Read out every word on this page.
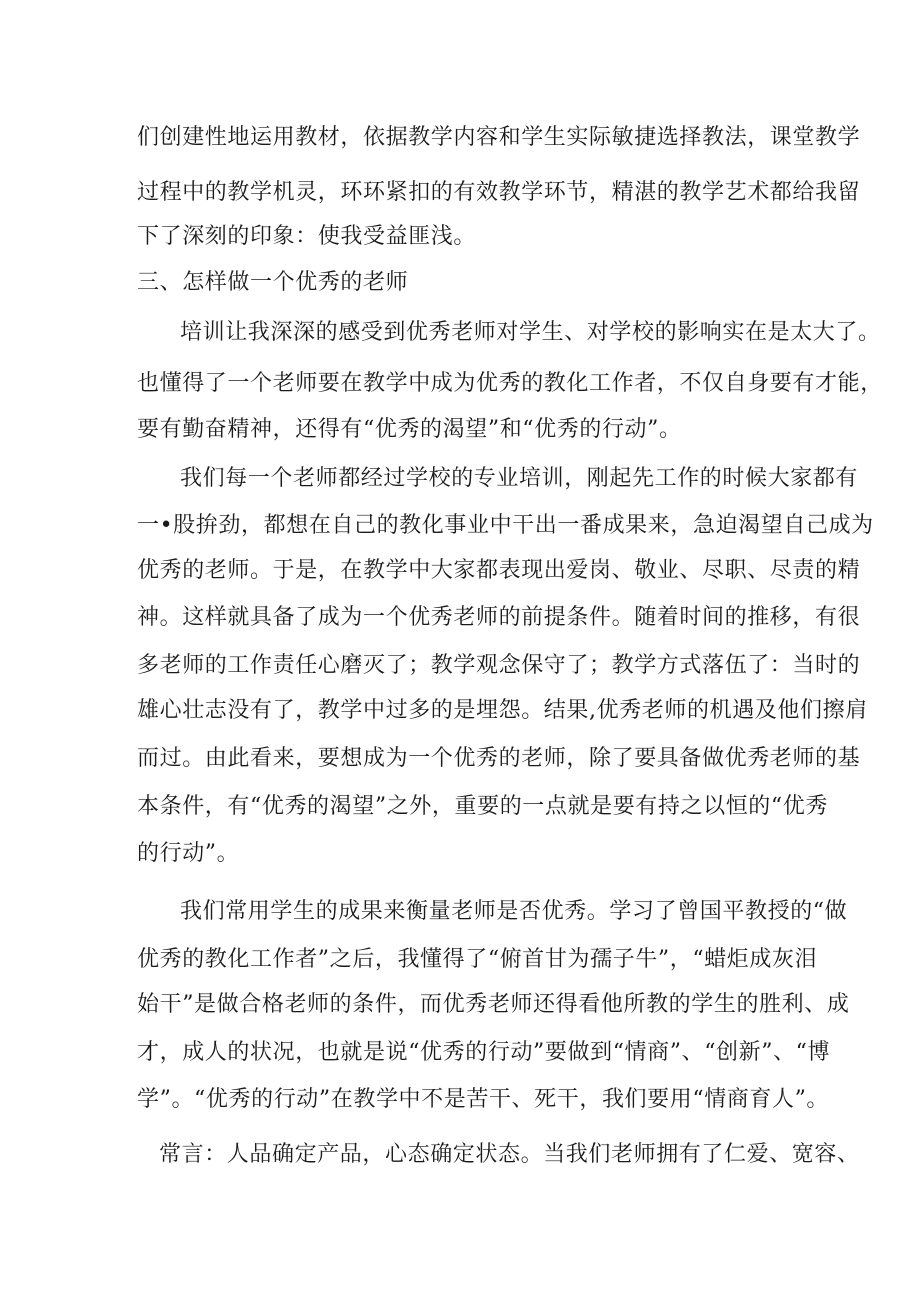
们创建性地运用教材，依据教学内容和学生实际敏捷选择教法，课堂教学
过程中的教学机灵，环环紧扣的有效教学环节，精湛的教学艺术都给我留
下了深刻的印象：使我受益匪浅。
三、怎样做一个优秀的老师
培训让我深深的感受到优秀老师对学生、对学校的影响实在是太大了。
也懂得了一个老师要在教学中成为优秀的教化工作者，不仅自身要有才能，
要有勤奋精神，还得有“优秀的渴望”和“优秀的行动”。
我们每一个老师都经过学校的专业培训，刚起先工作的时候大家都有
一•股拚劲，都想在自己的教化事业中干出一番成果来，急迫渴望自己成为
优秀的老师。于是，在教学中大家都表现出爱岗、敬业、尽职、尽责的精
神。这样就具备了成为一个优秀老师的前提条件。随着时间的推移，有很
多老师的工作责任心磨灭了；教学观念保守了；教学方式落伍了：当时的
雄心壮志没有了，教学中过多的是埋怨。结果,优秀老师的机遇及他们擦肩
而过。由此看来，要想成为一个优秀的老师，除了要具备做优秀老师的基
本条件，有“优秀的渴望”之外，重要的一点就是要有持之以恒的“优秀
的行动”。
我们常用学生的成果来衡量老师是否优秀。学习了曾国平教授的“做
优秀的教化工作者”之后，我懂得了“俯首甘为孺子牛”，“蜡炬成灰泪
始干”是做合格老师的条件，而优秀老师还得看他所教的学生的胜利、成
才，成人的状况，也就是说“优秀的行动”要做到“情商”、“创新”、“博
学”。“优秀的行动”在教学中不是苦干、死干，我们要用“情商育人”。
常言：人品确定产品，心态确定状态。当我们老师拥有了仁爱、宽容、
